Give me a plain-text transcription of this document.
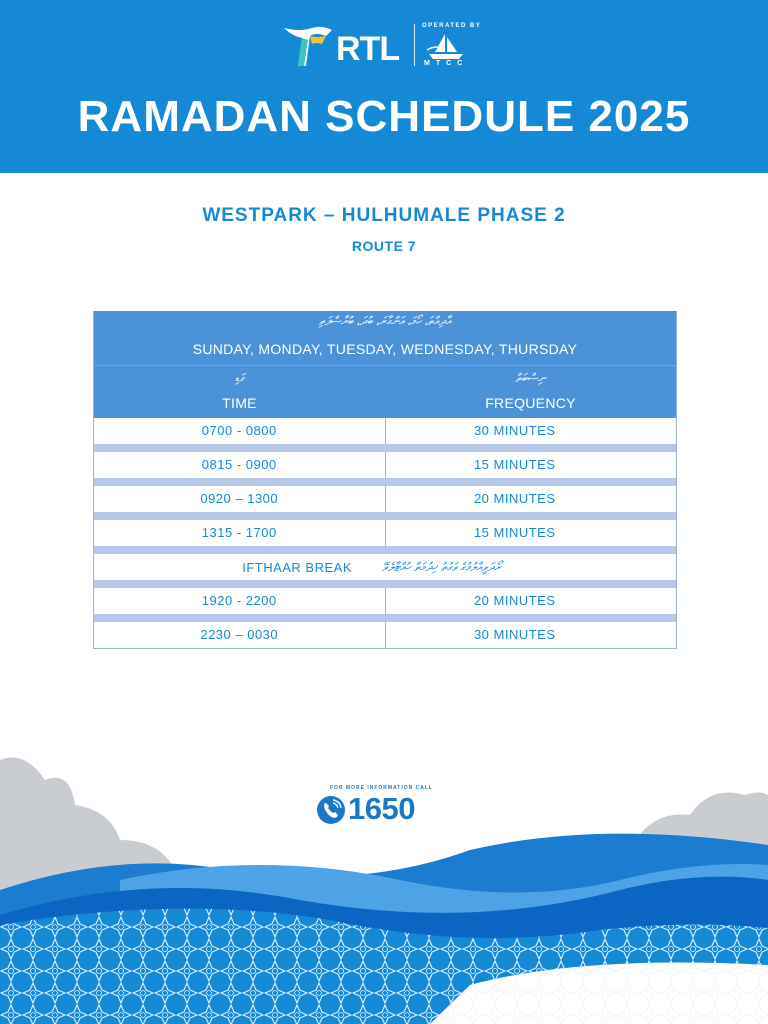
RTL
OPERATED BY
MTCC
RAMADAN SCHEDULE 2025
WESTPARK – HULHUMALE PHASE 2
ROUTE 7
އާދިއްތަ، ހޯމަ، އަންގާރަ، ބުދަ، ބުރާސްފަތި
SUNDAY, MONDAY, TUESDAY, WEDNESDAY, THURSDAY
ގަޑި
TIME
ނިސްބަތް
FREQUENCY
0700 - 0800	30 MINUTES
0815 - 0900	15 MINUTES
0920 – 1300	20 MINUTES
1315 - 1700	15 MINUTES
IFTHAAR BREAK	ރޯދަވީއްލުމުގެ ވަގުތު ޚިދުމަތް ހުއްޓާލެވޭ
1920 - 2200	20 MINUTES
2230 – 0030	30 MINUTES
FOR MORE INFORMATION CALL
1650
